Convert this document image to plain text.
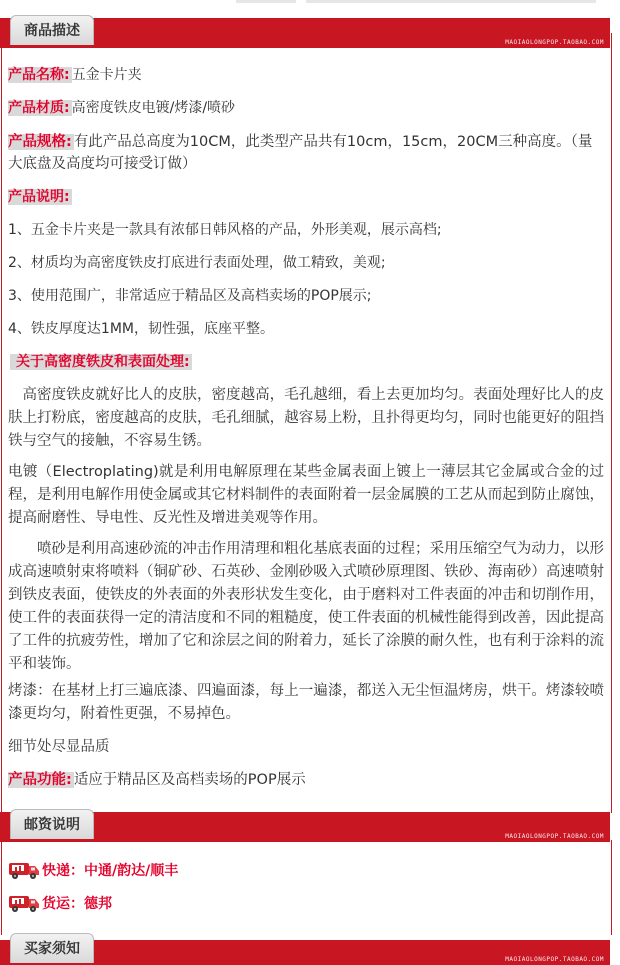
商品描述
MAOIAOLONGPOP.TAOBAO.COM
产品名称: 五金卡片夹
产品材质: 高密度铁皮电镀/烤漆/喷砂
产品规格: 有此产品总高度为10CM，此类型产品共有10cm，15cm，20CM三种高度。（量大底盘及高度均可接受订做）
产品说明:
1、五金卡片夹是一款具有浓郁日韩风格的产品，外形美观，展示高档;
2、材质均为高密度铁皮打底进行表面处理，做工精致，美观;
3、使用范围广，非常适应于精品区及高档卖场的POP展示;
4、铁皮厚度达1MM，韧性强，底座平整。
关于高密度铁皮和表面处理:
高密度铁皮就好比人的皮肤，密度越高，毛孔越细，看上去更加均匀。表面处理好比人的皮肤上打粉底，密度越高的皮肤，毛孔细腻，越容易上粉，且扑得更均匀，同时也能更好的阻挡铁与空气的接触，不容易生锈。
电镀（Electroplating)就是利用电解原理在某些金属表面上镀上一薄层其它金属或合金的过程，是利用电解作用使金属或其它材料制件的表面附着一层金属膜的工艺从而起到防止腐蚀，提高耐磨性、导电性、反光性及增进美观等作用。
喷砂是利用高速砂流的冲击作用清理和粗化基底表面的过程；采用压缩空气为动力，以形成高速喷射束将喷料（铜矿砂、石英砂、金刚砂吸入式喷砂原理图、铁砂、海南砂）高速喷射到铁皮表面，使铁皮的外表面的外表形状发生变化，由于磨料对工件表面的冲击和切削作用，使工件的表面获得一定的清洁度和不同的粗糙度，使工件表面的机械性能得到改善，因此提高了工件的抗疲劳性，增加了它和涂层之间的附着力，延长了涂膜的耐久性，也有利于涂料的流平和装饰。
烤漆：在基材上打三遍底漆、四遍面漆，每上一遍漆，都送入无尘恒温烤房，烘干。烤漆较喷漆更均匀，附着性更强，不易掉色。
细节处尽显品质
产品功能: 适应于精品区及高档卖场的POP展示
邮资说明
MAOIAOLONGPOP.TAOBAO.COM
快递：中通/韵达/顺丰
货运：德邦
买家须知
MAOIAOLONGPOP.TAOBAO.COM
